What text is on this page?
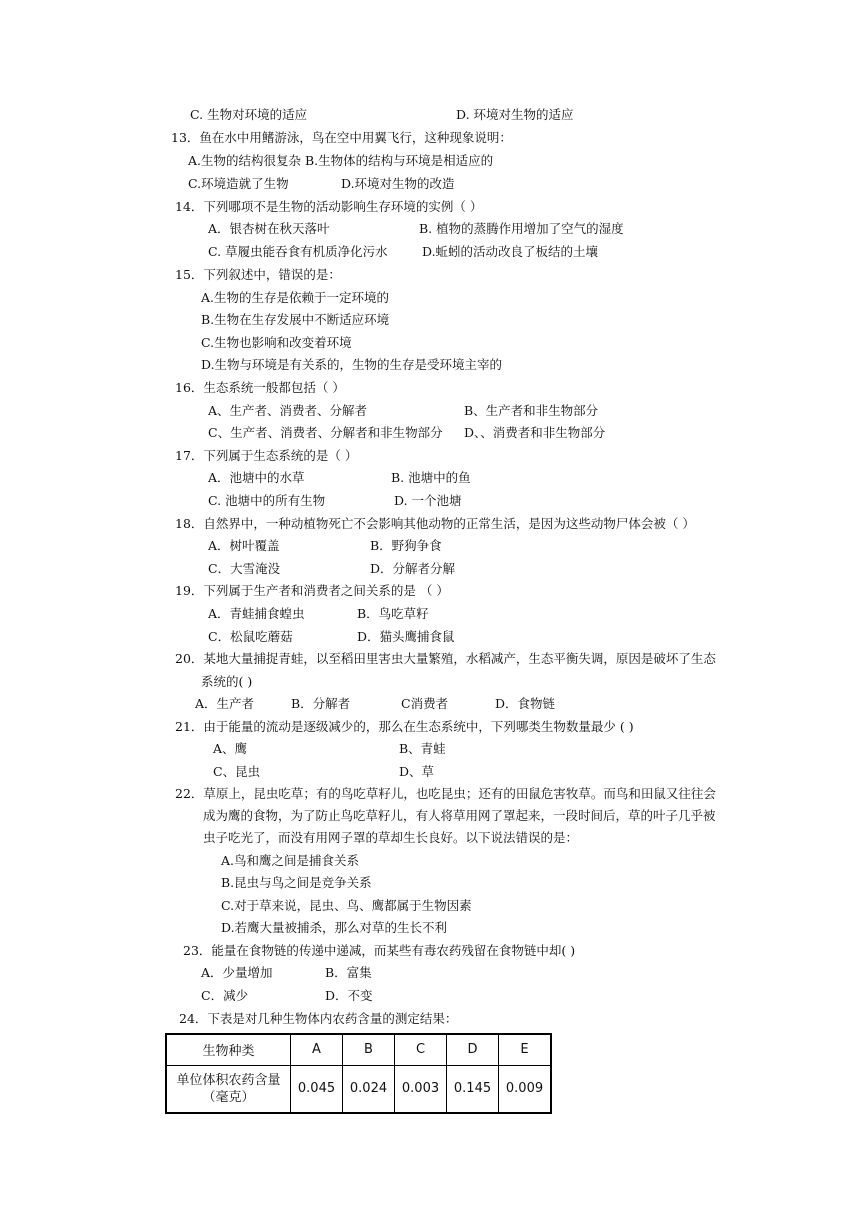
C. 生物对环境的适应	D. 环境对生物的适应
13．鱼在水中用鳍游泳，鸟在空中用翼飞行，这种现象说明：
A.生物的结构很复杂 B.生物体的结构与环境是相适应的
C.环境造就了生物	D.环境对生物的改造
14．下列哪项不是生物的活动影响生存环境的实例（ ）
A．银杏树在秋天落叶	B. 植物的蒸腾作用增加了空气的湿度
C. 草履虫能吞食有机质净化污水	D.蚯蚓的活动改良了板结的土壤
15．下列叙述中，错误的是：
A.生物的生存是依赖于一定环境的
B.生物在生存发展中不断适应环境
C.生物也影响和改变着环境
D.生物与环境是有关系的，生物的生存是受环境主宰的
16．生态系统一般都包括（ ）
A、生产者、消费者、分解者	B、生产者和非生物部分
C、生产者、消费者、分解者和非生物部分 D、、消费者和非生物部分
17．下列属于生态系统的是（ ）
A．池塘中的水草	B. 池塘中的鱼
C. 池塘中的所有生物	D. 一个池塘
18．自然界中，一种动植物死亡不会影响其他动物的正常生活，是因为这些动物尸体会被（ ）
A．树叶覆盖	B．野狗争食
C．大雪淹没	D．分解者分解
19．下列属于生产者和消费者之间关系的是 （ ）
A．青蛙捕食蝗虫	B．鸟吃草籽
C．松鼠吃蘑菇	D．猫头鹰捕食鼠
20．某地大量捕捉青蛙，以至稻田里害虫大量繁殖，水稻减产，生态平衡失调，原因是破坏了生态
系统的( )
A．生产者	B．分解者	C消费者	D．食物链
21．由于能量的流动是逐级减少的，那么在生态系统中，下列哪类生物数量最少 ( )
A、鹰	B、青蛙
C、昆虫	D、草
22．草原上，昆虫吃草；有的鸟吃草籽儿，也吃昆虫；还有的田鼠危害牧草。而鸟和田鼠又往往会
成为鹰的食物，为了防止鸟吃草籽儿，有人将草用网了罩起来，一段时间后，草的叶子几乎被
虫子吃光了，而没有用网子罩的草却生长良好。以下说法错误的是：
A.鸟和鹰之间是捕食关系
B.昆虫与鸟之间是竞争关系
C.对于草来说，昆虫、鸟、鹰都属于生物因素
D.若鹰大量被捕杀，那么对草的生长不利
23．能量在食物链的传递中递减，而某些有毒农药残留在食物链中却( )
A．少量增加	B．富集
C．减少	D．不变
24．下表是对几种生物体内农药含量的测定结果：
生物种类	A	B	C	D	E

单位体积农药含量
（毫克）	0.045	0.024	0.003	0.145	0.009
